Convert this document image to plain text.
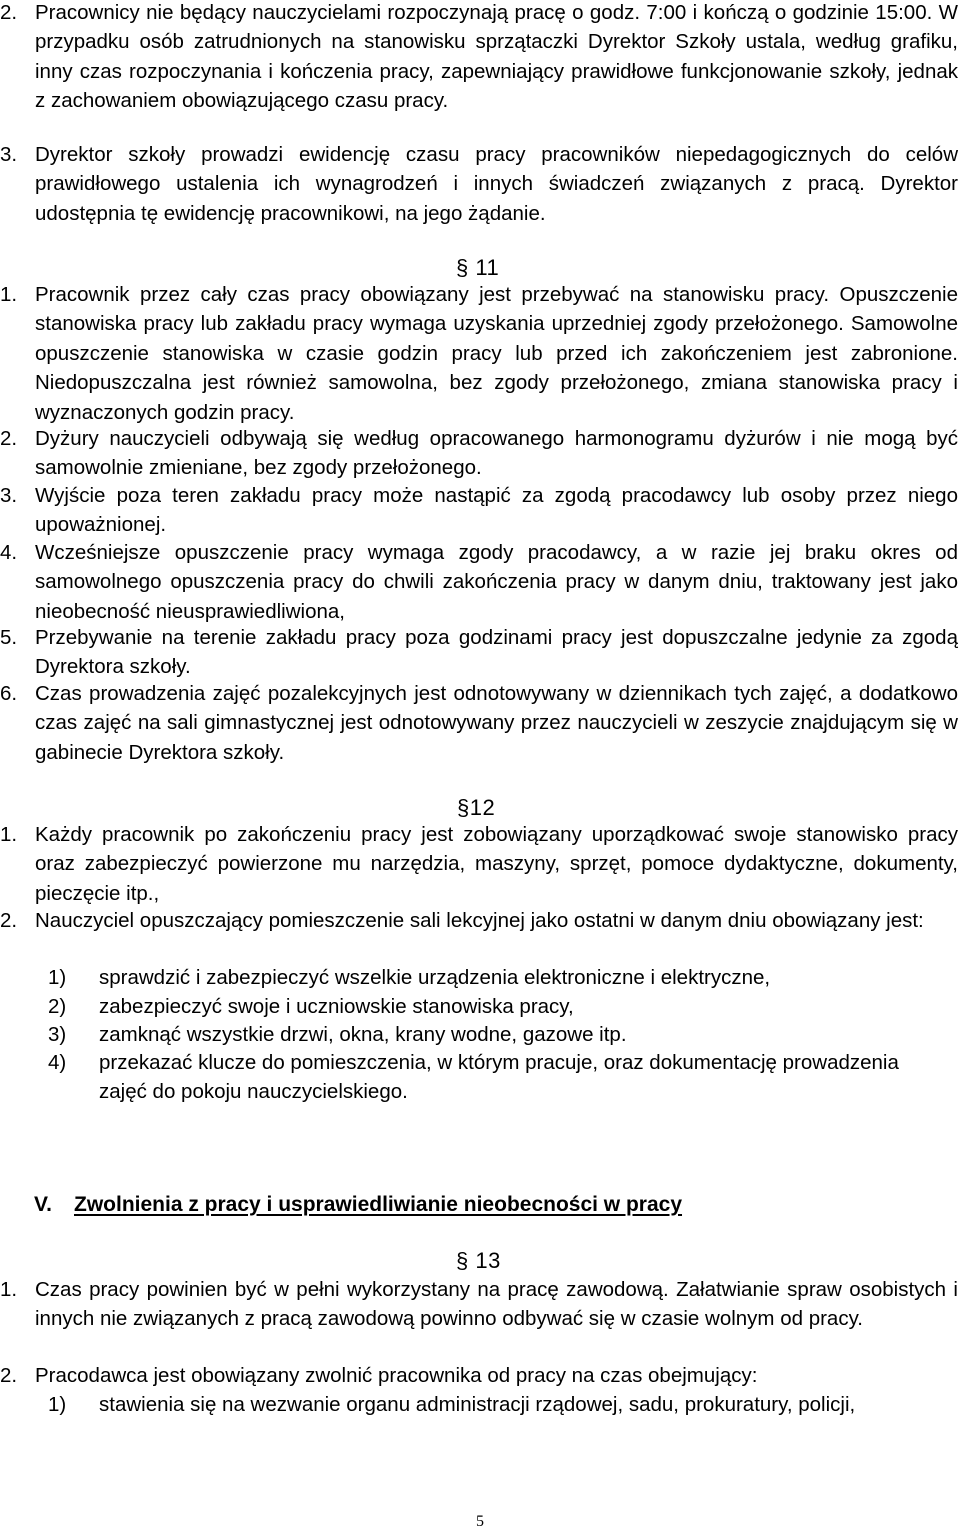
2. Pracownicy nie będący nauczycielami rozpoczynają pracę o godz. 7:00 i kończą o godzinie 15:00. W przypadku osób zatrudnionych na stanowisku sprzątaczki Dyrektor Szkoły ustala, według grafiku, inny czas rozpoczynania i kończenia pracy, zapewniający prawidłowe funkcjonowanie szkoły, jednak z zachowaniem obowiązującego czasu pracy.
3. Dyrektor szkoły prowadzi ewidencję czasu pracy pracowników niepedagogicznych do celów prawidłowego ustalenia ich wynagrodzeń i innych świadczeń związanych z pracą. Dyrektor udostępnia tę ewidencję pracownikowi, na jego żądanie.
§ 11
1. Pracownik przez cały czas pracy obowiązany jest przebywać na stanowisku pracy. Opuszczenie stanowiska pracy lub zakładu pracy wymaga uzyskania uprzedniej zgody przełożonego. Samowolne opuszczenie stanowiska w czasie godzin pracy lub przed ich zakończeniem jest zabronione. Niedopuszczalna jest również samowolna, bez zgody przełożonego, zmiana stanowiska pracy i wyznaczonych godzin pracy.
2. Dyżury nauczycieli odbywają się według opracowanego harmonogramu dyżurów i nie mogą być samowolnie zmieniane, bez zgody przełożonego.
3. Wyjście poza teren zakładu pracy może nastąpić za zgodą pracodawcy lub osoby przez niego upoważnionej.
4. Wcześniejsze opuszczenie pracy wymaga zgody pracodawcy, a w razie jej braku okres od samowolnego opuszczenia pracy do chwili zakończenia pracy w danym dniu, traktowany jest jako nieobecność nieusprawiedliwiona,
5. Przebywanie na terenie zakładu pracy poza godzinami pracy jest dopuszczalne jedynie za zgodą Dyrektora szkoły.
6. Czas prowadzenia zajęć pozalekcyjnych jest odnotowywany w dziennikach tych zajęć, a dodatkowo czas zajęć na sali gimnastycznej jest odnotowywany przez nauczycieli w zeszycie znajdującym się w gabinecie Dyrektora szkoły.
§12
1. Każdy pracownik po zakończeniu pracy jest zobowiązany uporządkować swoje stanowisko pracy oraz zabezpieczyć powierzone mu narzędzia, maszyny, sprzęt, pomoce dydaktyczne, dokumenty, pieczęcie itp.,
2. Nauczyciel opuszczający pomieszczenie sali lekcyjnej jako ostatni w danym dniu obowiązany jest:
1)	sprawdzić i zabezpieczyć wszelkie urządzenia elektroniczne i elektryczne,
2)	zabezpieczyć swoje i uczniowskie stanowiska pracy,
3)	zamknąć wszystkie drzwi, okna, krany wodne, gazowe itp.
4)	przekazać klucze do pomieszczenia, w którym pracuje, oraz dokumentację prowadzenia zajęć do pokoju nauczycielskiego.
V. Zwolnienia z pracy i usprawiedliwianie nieobecności w pracy
§ 13
1. Czas pracy powinien być w pełni wykorzystany na pracę zawodową. Załatwianie spraw osobistych i innych nie związanych z pracą zawodową powinno odbywać się w czasie wolnym od pracy.
2. Pracodawca jest obowiązany zwolnić pracownika od pracy na czas obejmujący:
1)	stawienia się na wezwanie organu administracji rządowej, sadu, prokuratury, policji,
5
